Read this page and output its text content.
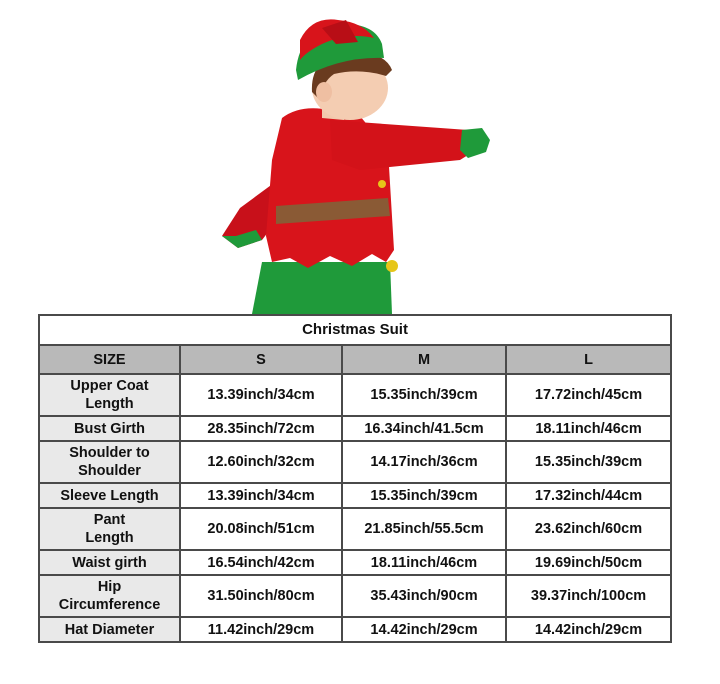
Christmas Suit			
SIZE	S	M	L
Upper Coat
Length	13.39inch/34cm	15.35inch/39cm	17.72inch/45cm
Bust Girth	28.35inch/72cm	16.34inch/41.5cm	18.11inch/46cm
Shoulder to
Shoulder	12.60inch/32cm	14.17inch/36cm	15.35inch/39cm
Sleeve Length	13.39inch/34cm	15.35inch/39cm	17.32inch/44cm
Pant
Length	20.08inch/51cm	21.85inch/55.5cm	23.62inch/60cm
Waist girth	16.54inch/42cm	18.11inch/46cm	19.69inch/50cm
Hip
Circumference	31.50inch/80cm	35.43inch/90cm	39.37inch/100cm
Hat Diameter	11.42inch/29cm	14.42inch/29cm	14.42inch/29cm
